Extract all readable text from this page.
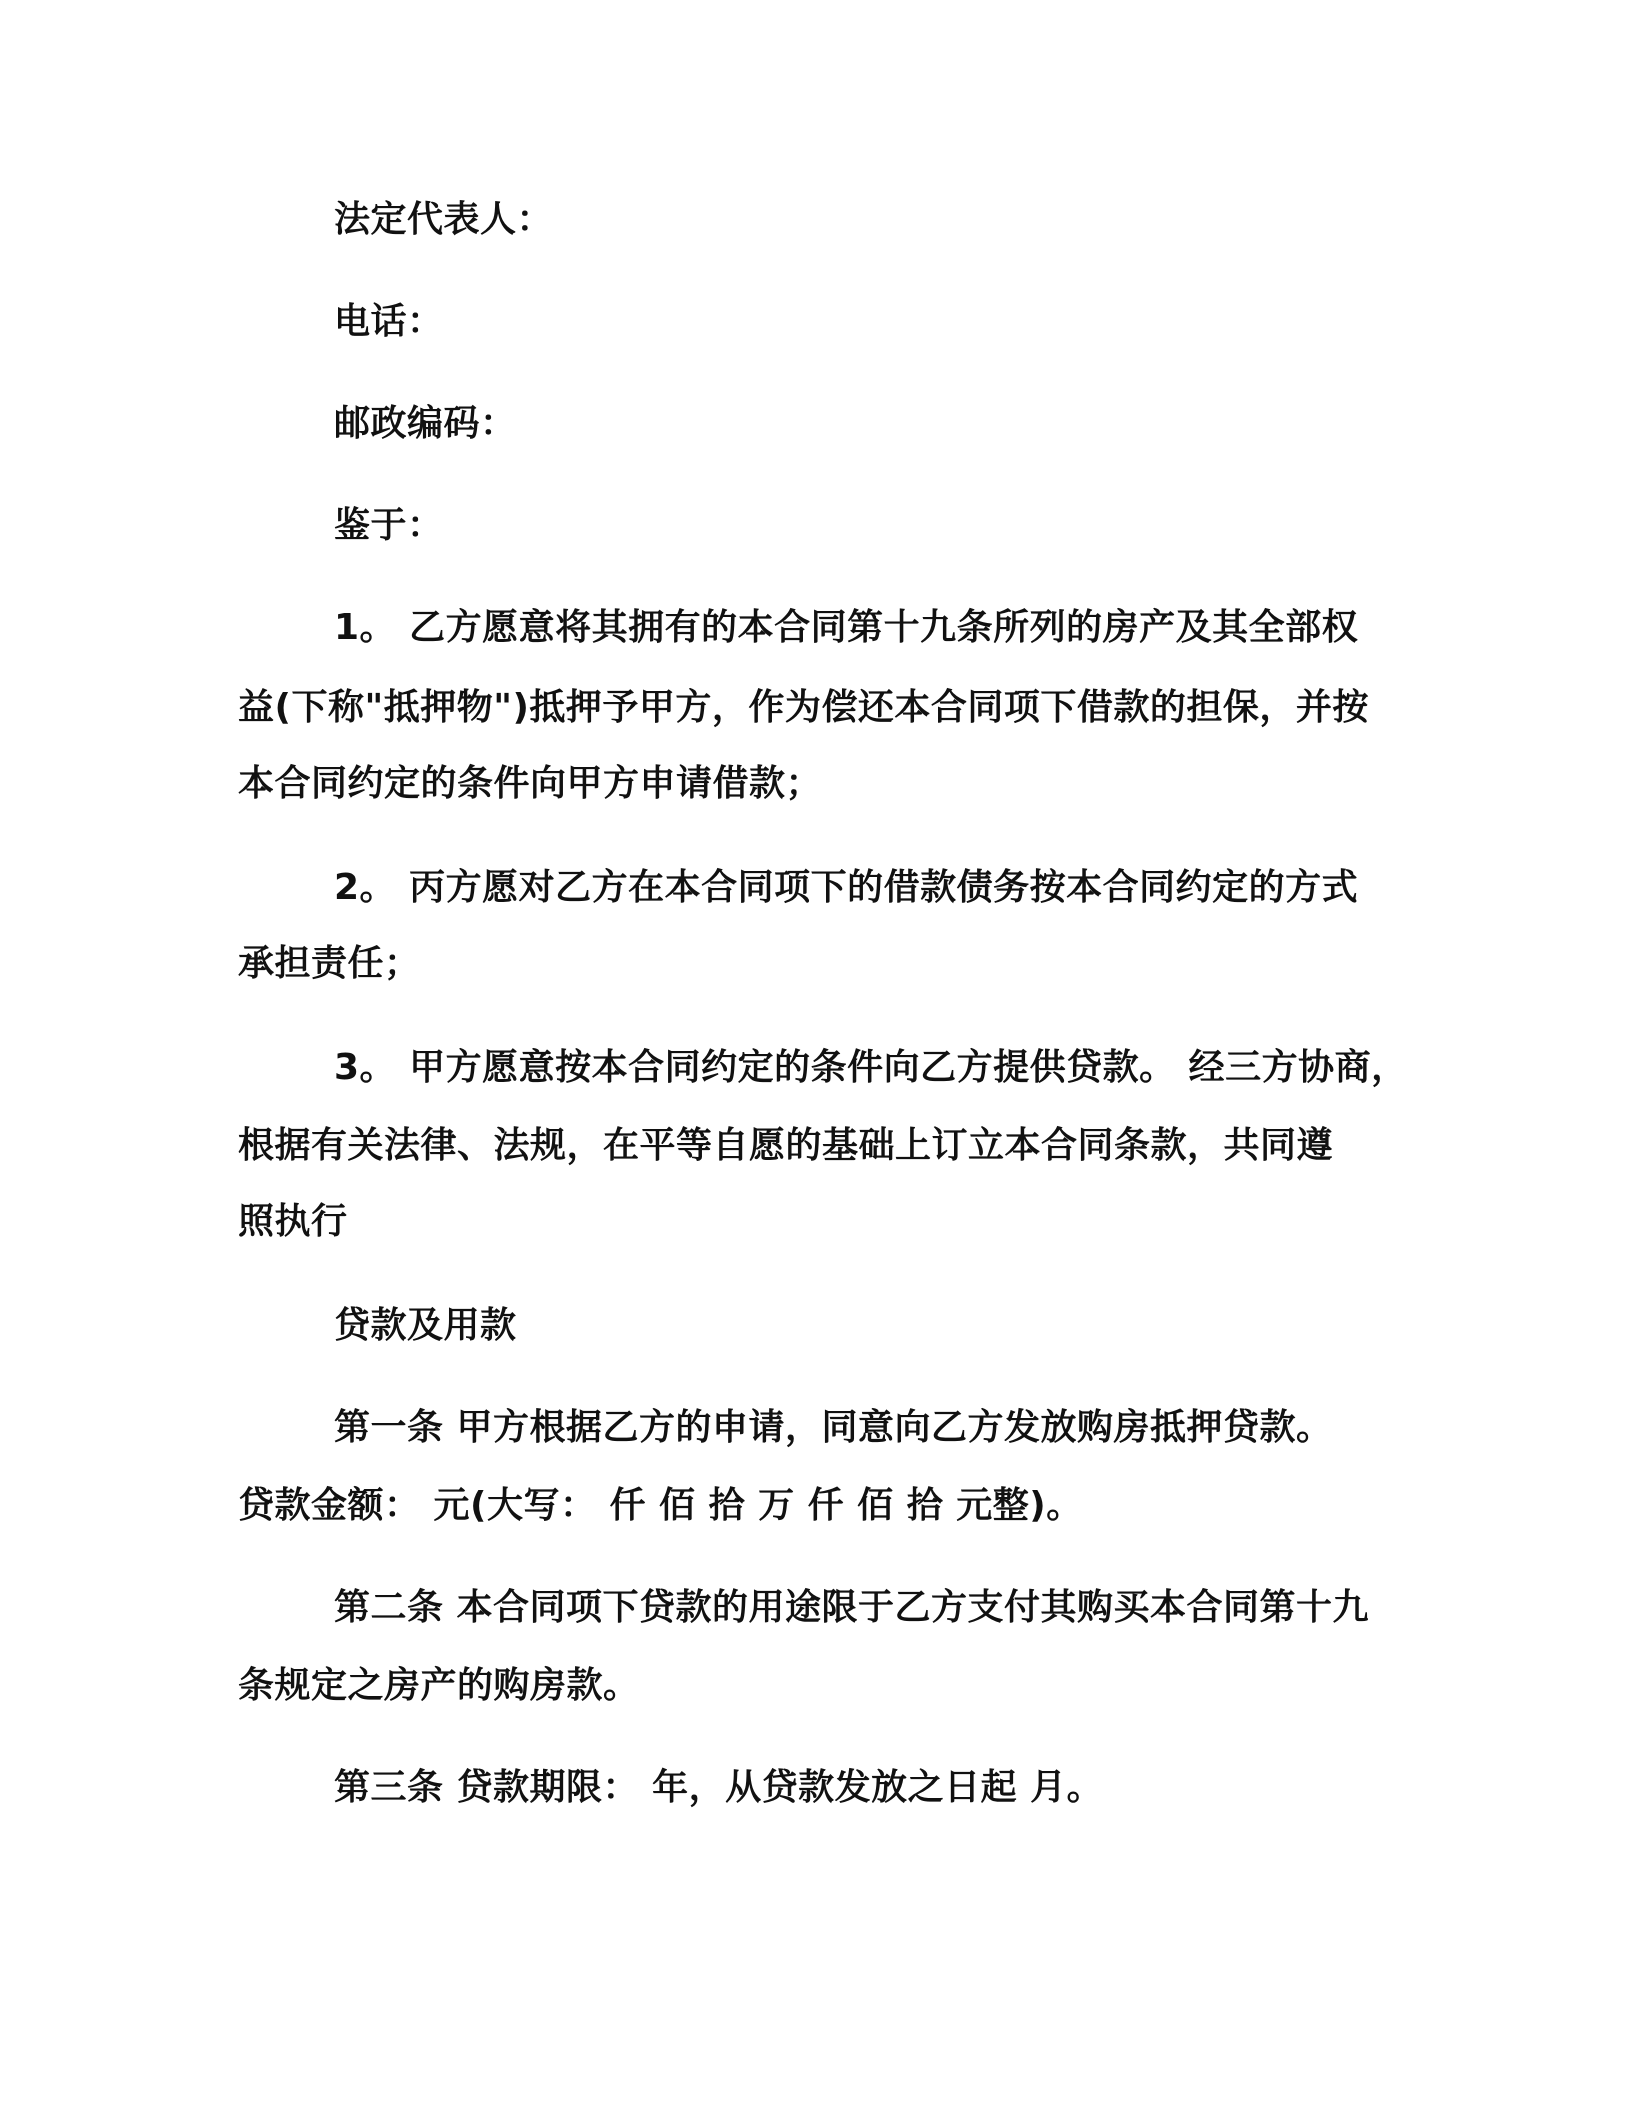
法定代表人：
电话：
邮政编码：
鉴于：
1。 乙方愿意将其拥有的本合同第十九条所列的房产及其全部权
益(下称"抵押物")抵押予甲方，作为偿还本合同项下借款的担保，并按
本合同约定的条件向甲方申请借款；
2。 丙方愿对乙方在本合同项下的借款债务按本合同约定的方式
承担责任；
3。 甲方愿意按本合同约定的条件向乙方提供贷款。 经三方协商，
根据有关法律、法规，在平等自愿的基础上订立本合同条款，共同遵
照执行
贷款及用款
第一条 甲方根据乙方的申请，同意向乙方发放购房抵押贷款。
贷款金额： 元(大写： 仟 佰 拾 万 仟 佰 拾 元整)。
第二条 本合同项下贷款的用途限于乙方支付其购买本合同第十九
条规定之房产的购房款。
第三条 贷款期限： 年，从贷款发放之日起 月。
